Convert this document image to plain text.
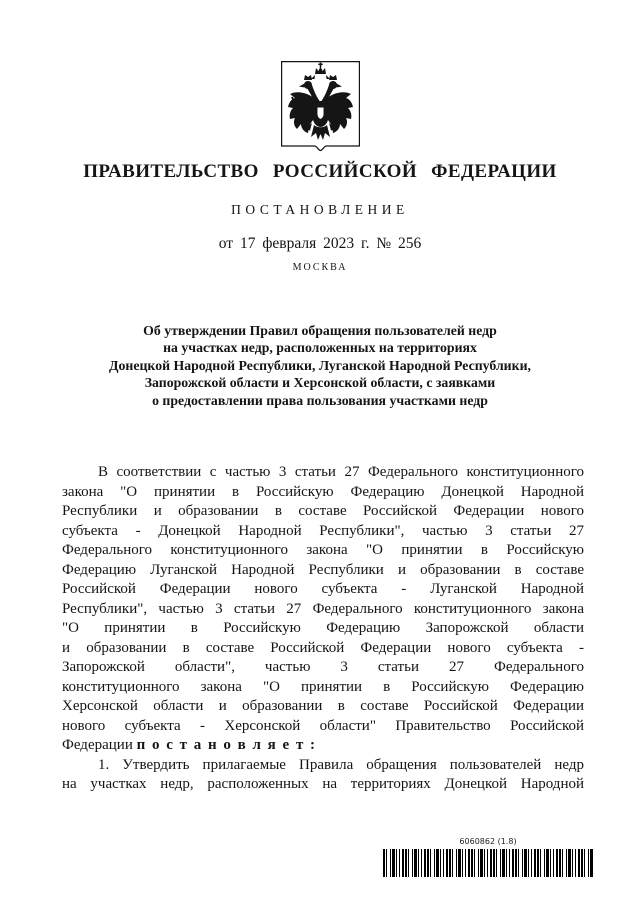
ПРАВИТЕЛЬСТВО РОССИЙСКОЙ ФЕДЕРАЦИИ
ПОСТАНОВЛЕНИЕ
от 17 февраля 2023 г. № 256
МОСКВА
Об утверждении Правил обращения пользователей недр
на участках недр, расположенных на территориях
Донецкой Народной Республики, Луганской Народной Республики,
Запорожской области и Херсонской области, с заявками
о предоставлении права пользования участками недр
В соответствии с частью 3 статьи 27 Федерального конституционного
закона "О принятии в Российскую Федерацию Донецкой Народной
Республики и образовании в составе Российской Федерации нового
субъекта - Донецкой Народной Республики", частью 3 статьи 27
Федерального конституционного закона "О принятии в Российскую
Федерацию Луганской Народной Республики и образовании в составе
Российской Федерации нового субъекта - Луганской Народной
Республики", частью 3 статьи 27 Федерального конституционного закона
"О принятии в Российскую Федерацию Запорожской области
и образовании в составе Российской Федерации нового субъекта -
Запорожской области", частью 3 статьи 27 Федерального
конституционного закона "О принятии в Российскую Федерацию
Херсонской области и образовании в составе Российской Федерации
нового субъекта - Херсонской области" Правительство Российской
Федерации п о с т а н о в л я е т :
1. Утвердить прилагаемые Правила обращения пользователей недр
на участках недр, расположенных на территориях Донецкой Народной
6060862 (1.8)
